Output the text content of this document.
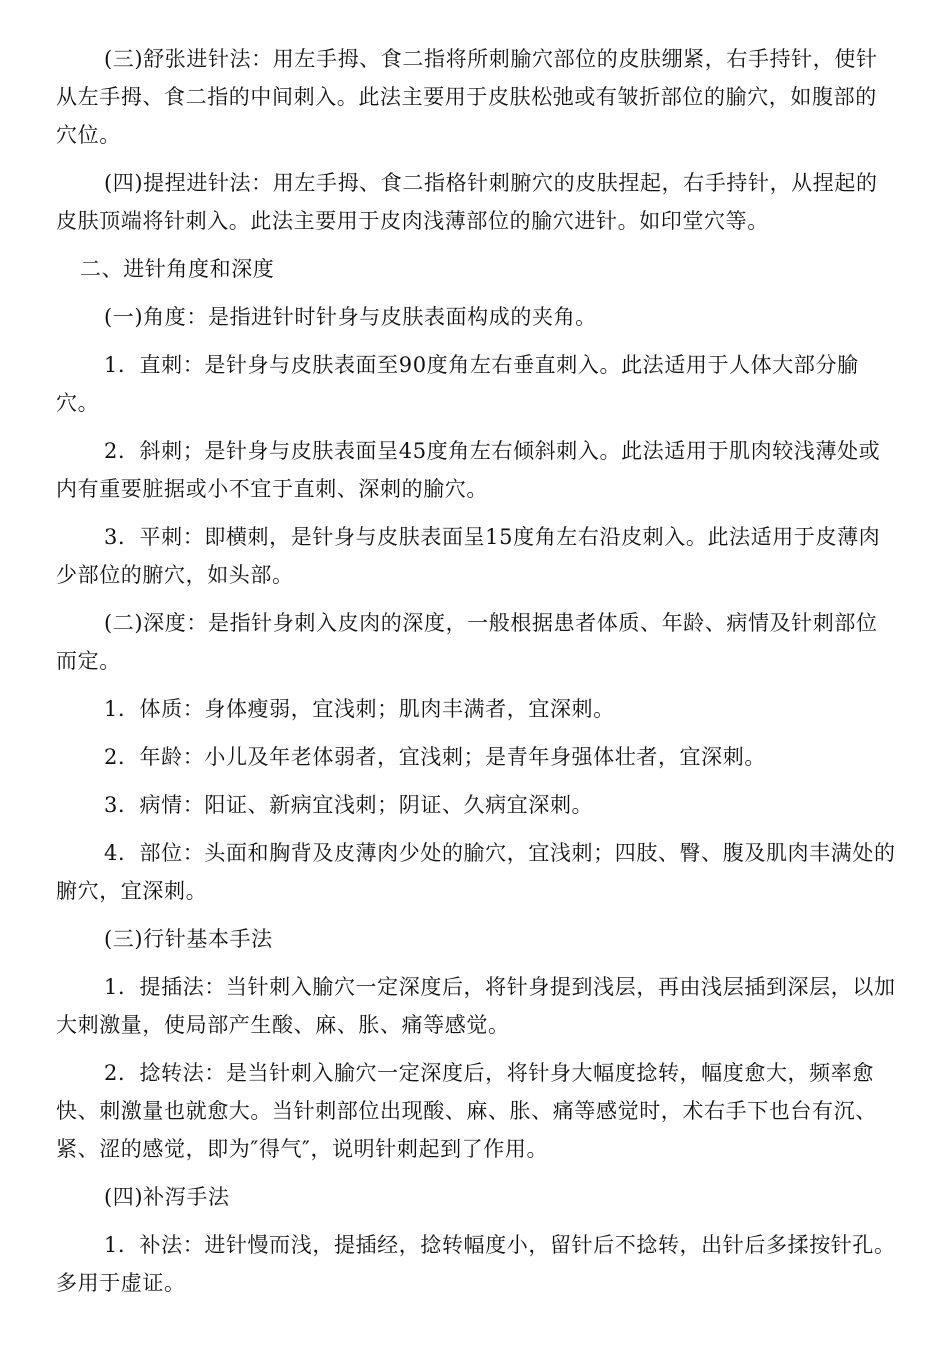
(三)舒张进针法：用左手拇、食二指将所刺腧穴部位的皮肤绷紧，右手持针，使针从左手拇、食二指的中间刺入。此法主要用于皮肤松弛或有皱折部位的腧穴，如腹部的穴位。

(四)提捏进针法：用左手拇、食二指格针刺腑穴的皮肤捏起，右手持针，从捏起的皮肤顶端将针刺入。此法主要用于皮肉浅薄部位的腧穴进针。如印堂穴等。

二、进针角度和深度

(一)角度：是指进针时针身与皮肤表面构成的夹角。

1．直刺：是针身与皮肤表面至90度角左右垂直刺入。此法适用于人体大部分腧穴。

2．斜刺；是针身与皮肤表面呈45度角左右倾斜刺入。此法适用于肌肉较浅薄处或内有重要脏据或小不宜于直刺、深刺的腧穴。

3．平刺：即横刺，是针身与皮肤表面呈15度角左右沿皮刺入。此法适用于皮薄肉少部位的腑穴，如头部。

(二)深度：是指针身刺入皮肉的深度，一般根据患者体质、年龄、病情及针刺部位而定。

1．体质：身体瘦弱，宜浅刺；肌肉丰满者，宜深刺。

2．年龄：小儿及年老体弱者，宜浅刺；是青年身强体壮者，宜深刺。

3．病情：阳证、新病宜浅刺；阴证、久病宜深刺。

4．部位：头面和胸背及皮薄肉少处的腧穴，宜浅刺；四肢、臀、腹及肌肉丰满处的腑穴，宜深刺。

(三)行针基本手法

1．提插法：当针刺入腧穴一定深度后，将针身提到浅层，再由浅层插到深层，以加大刺激量，使局部产生酸、麻、胀、痛等感觉。

2．捻转法：是当针刺入腧穴一定深度后，将针身大幅度捻转，幅度愈大，频率愈快、刺激量也就愈大。当针刺部位出现酸、麻、胀、痛等感觉时，术右手下也台有沉、紧、涩的感觉，即为″得气″，说明针刺起到了作用。

(四)补泻手法

1．补法：进针慢而浅，提插经，捻转幅度小，留针后不捻转，出针后多揉按针孔。多用于虚证。
